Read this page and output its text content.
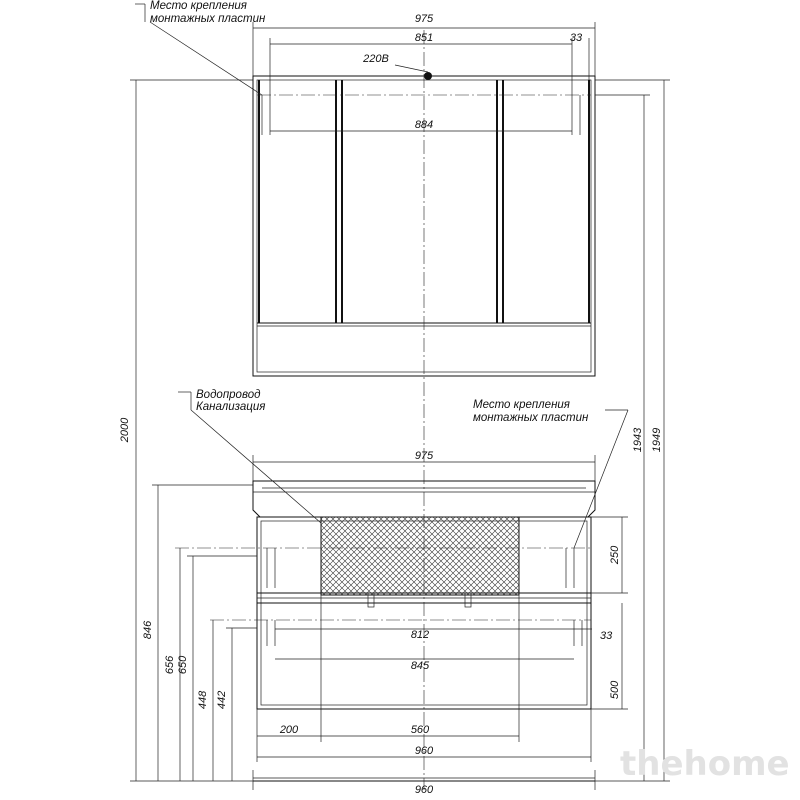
975
851	33
884
220В
Место крепления
монтажных пластин
975
812	33
845
200	560
960
960
2000
846
656 650
448 442
1943 1949
250
500
Водопровод
Канализация	Место крепления
монтажных пластин
thehome
